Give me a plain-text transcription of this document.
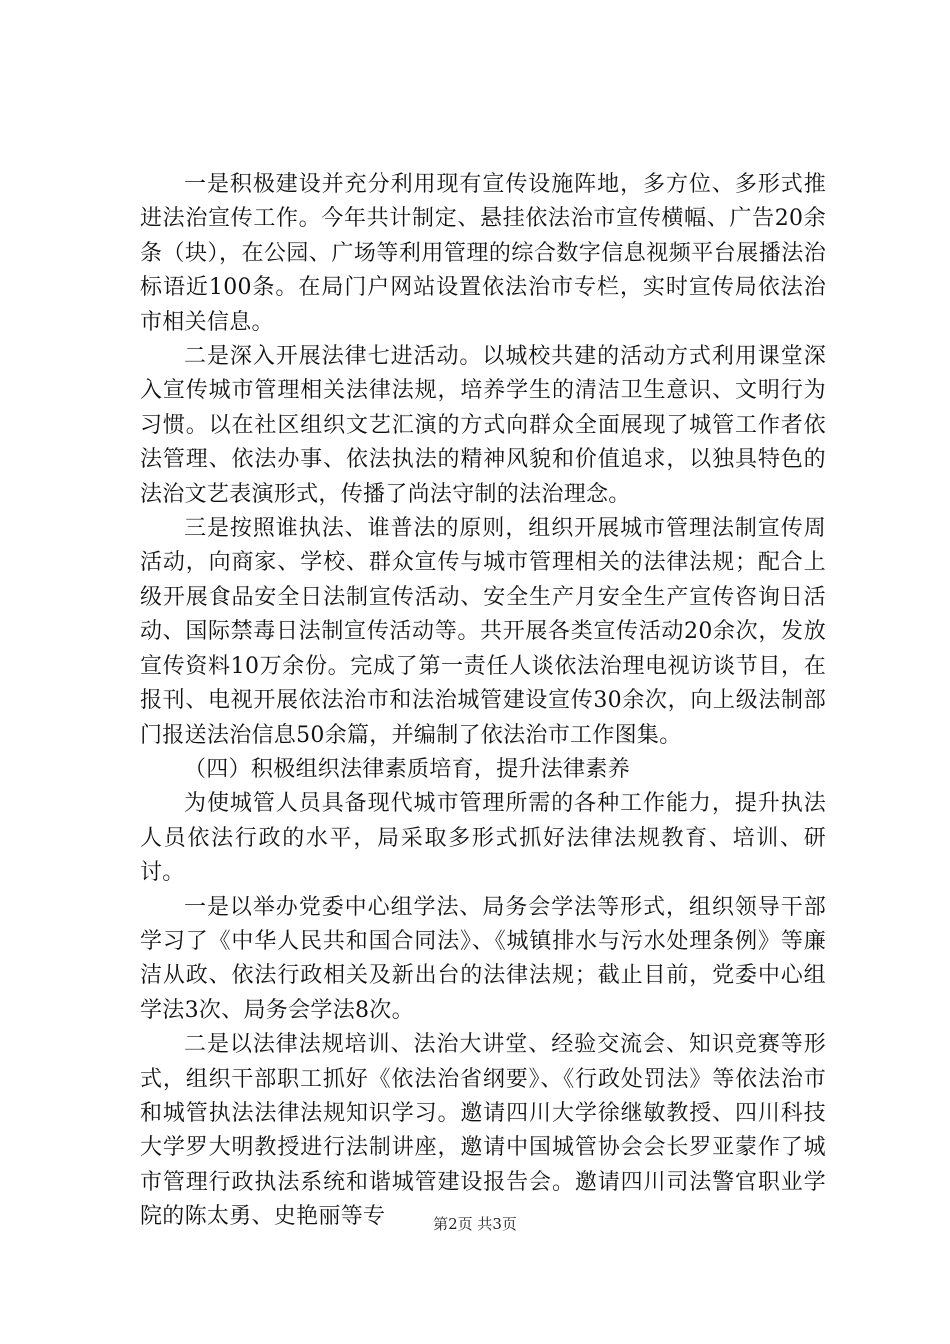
一是积极建设并充分利用现有宣传设施阵地，多方位、多形式推进法治宣传工作。今年共计制定、悬挂依法治市宣传横幅、广告20余条（块），在公园、广场等利用管理的综合数字信息视频平台展播法治标语近100条。在局门户网站设置依法治市专栏，实时宣传局依法治市相关信息。

二是深入开展法律七进活动。以城校共建的活动方式利用课堂深入宣传城市管理相关法律法规，培养学生的清洁卫生意识、文明行为习惯。以在社区组织文艺汇演的方式向群众全面展现了城管工作者依法管理、依法办事、依法执法的精神风貌和价值追求，以独具特色的法治文艺表演形式，传播了尚法守制的法治理念。

三是按照谁执法、谁普法的原则，组织开展城市管理法制宣传周活动，向商家、学校、群众宣传与城市管理相关的法律法规；配合上级开展食品安全日法制宣传活动、安全生产月安全生产宣传咨询日活动、国际禁毒日法制宣传活动等。共开展各类宣传活动20余次，发放宣传资料10万余份。完成了第一责任人谈依法治理电视访谈节目，在报刊、电视开展依法治市和法治城管建设宣传30余次，向上级法制部门报送法治信息50余篇，并编制了依法治市工作图集。

（四）积极组织法律素质培育，提升法律素养

为使城管人员具备现代城市管理所需的各种工作能力，提升执法人员依法行政的水平，局采取多形式抓好法律法规教育、培训、研讨。

一是以举办党委中心组学法、局务会学法等形式，组织领导干部学习了《中华人民共和国合同法》、《城镇排水与污水处理条例》等廉洁从政、依法行政相关及新出台的法律法规；截止目前，党委中心组学法3次、局务会学法8次。

二是以法律法规培训、法治大讲堂、经验交流会、知识竞赛等形式，组织干部职工抓好《依法治省纲要》、《行政处罚法》等依法治市和城管执法法律法规知识学习。邀请四川大学徐继敏教授、四川科技大学罗大明教授进行法制讲座，邀请中国城管协会会长罗亚蒙作了城市管理行政执法系统和谐城管建设报告会。邀请四川司法警官职业学院的陈太勇、史艳丽等专	第2页 共3页
